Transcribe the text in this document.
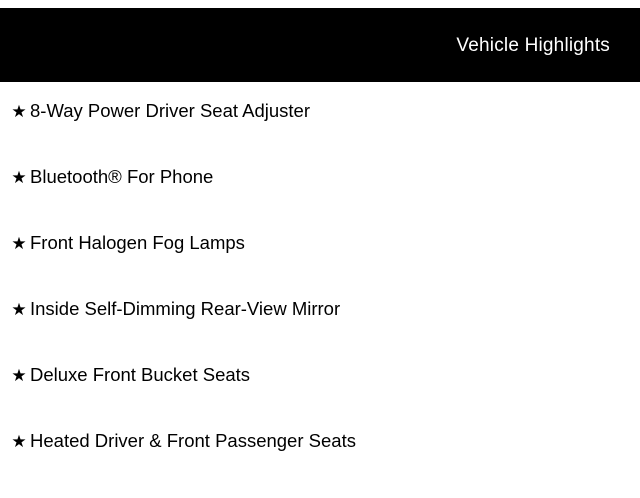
Vehicle Highlights
★ 8-Way Power Driver Seat Adjuster
★ Bluetooth® For Phone
★ Front Halogen Fog Lamps
★ Inside Self-Dimming Rear-View Mirror
★ Deluxe Front Bucket Seats
★ Heated Driver & Front Passenger Seats
